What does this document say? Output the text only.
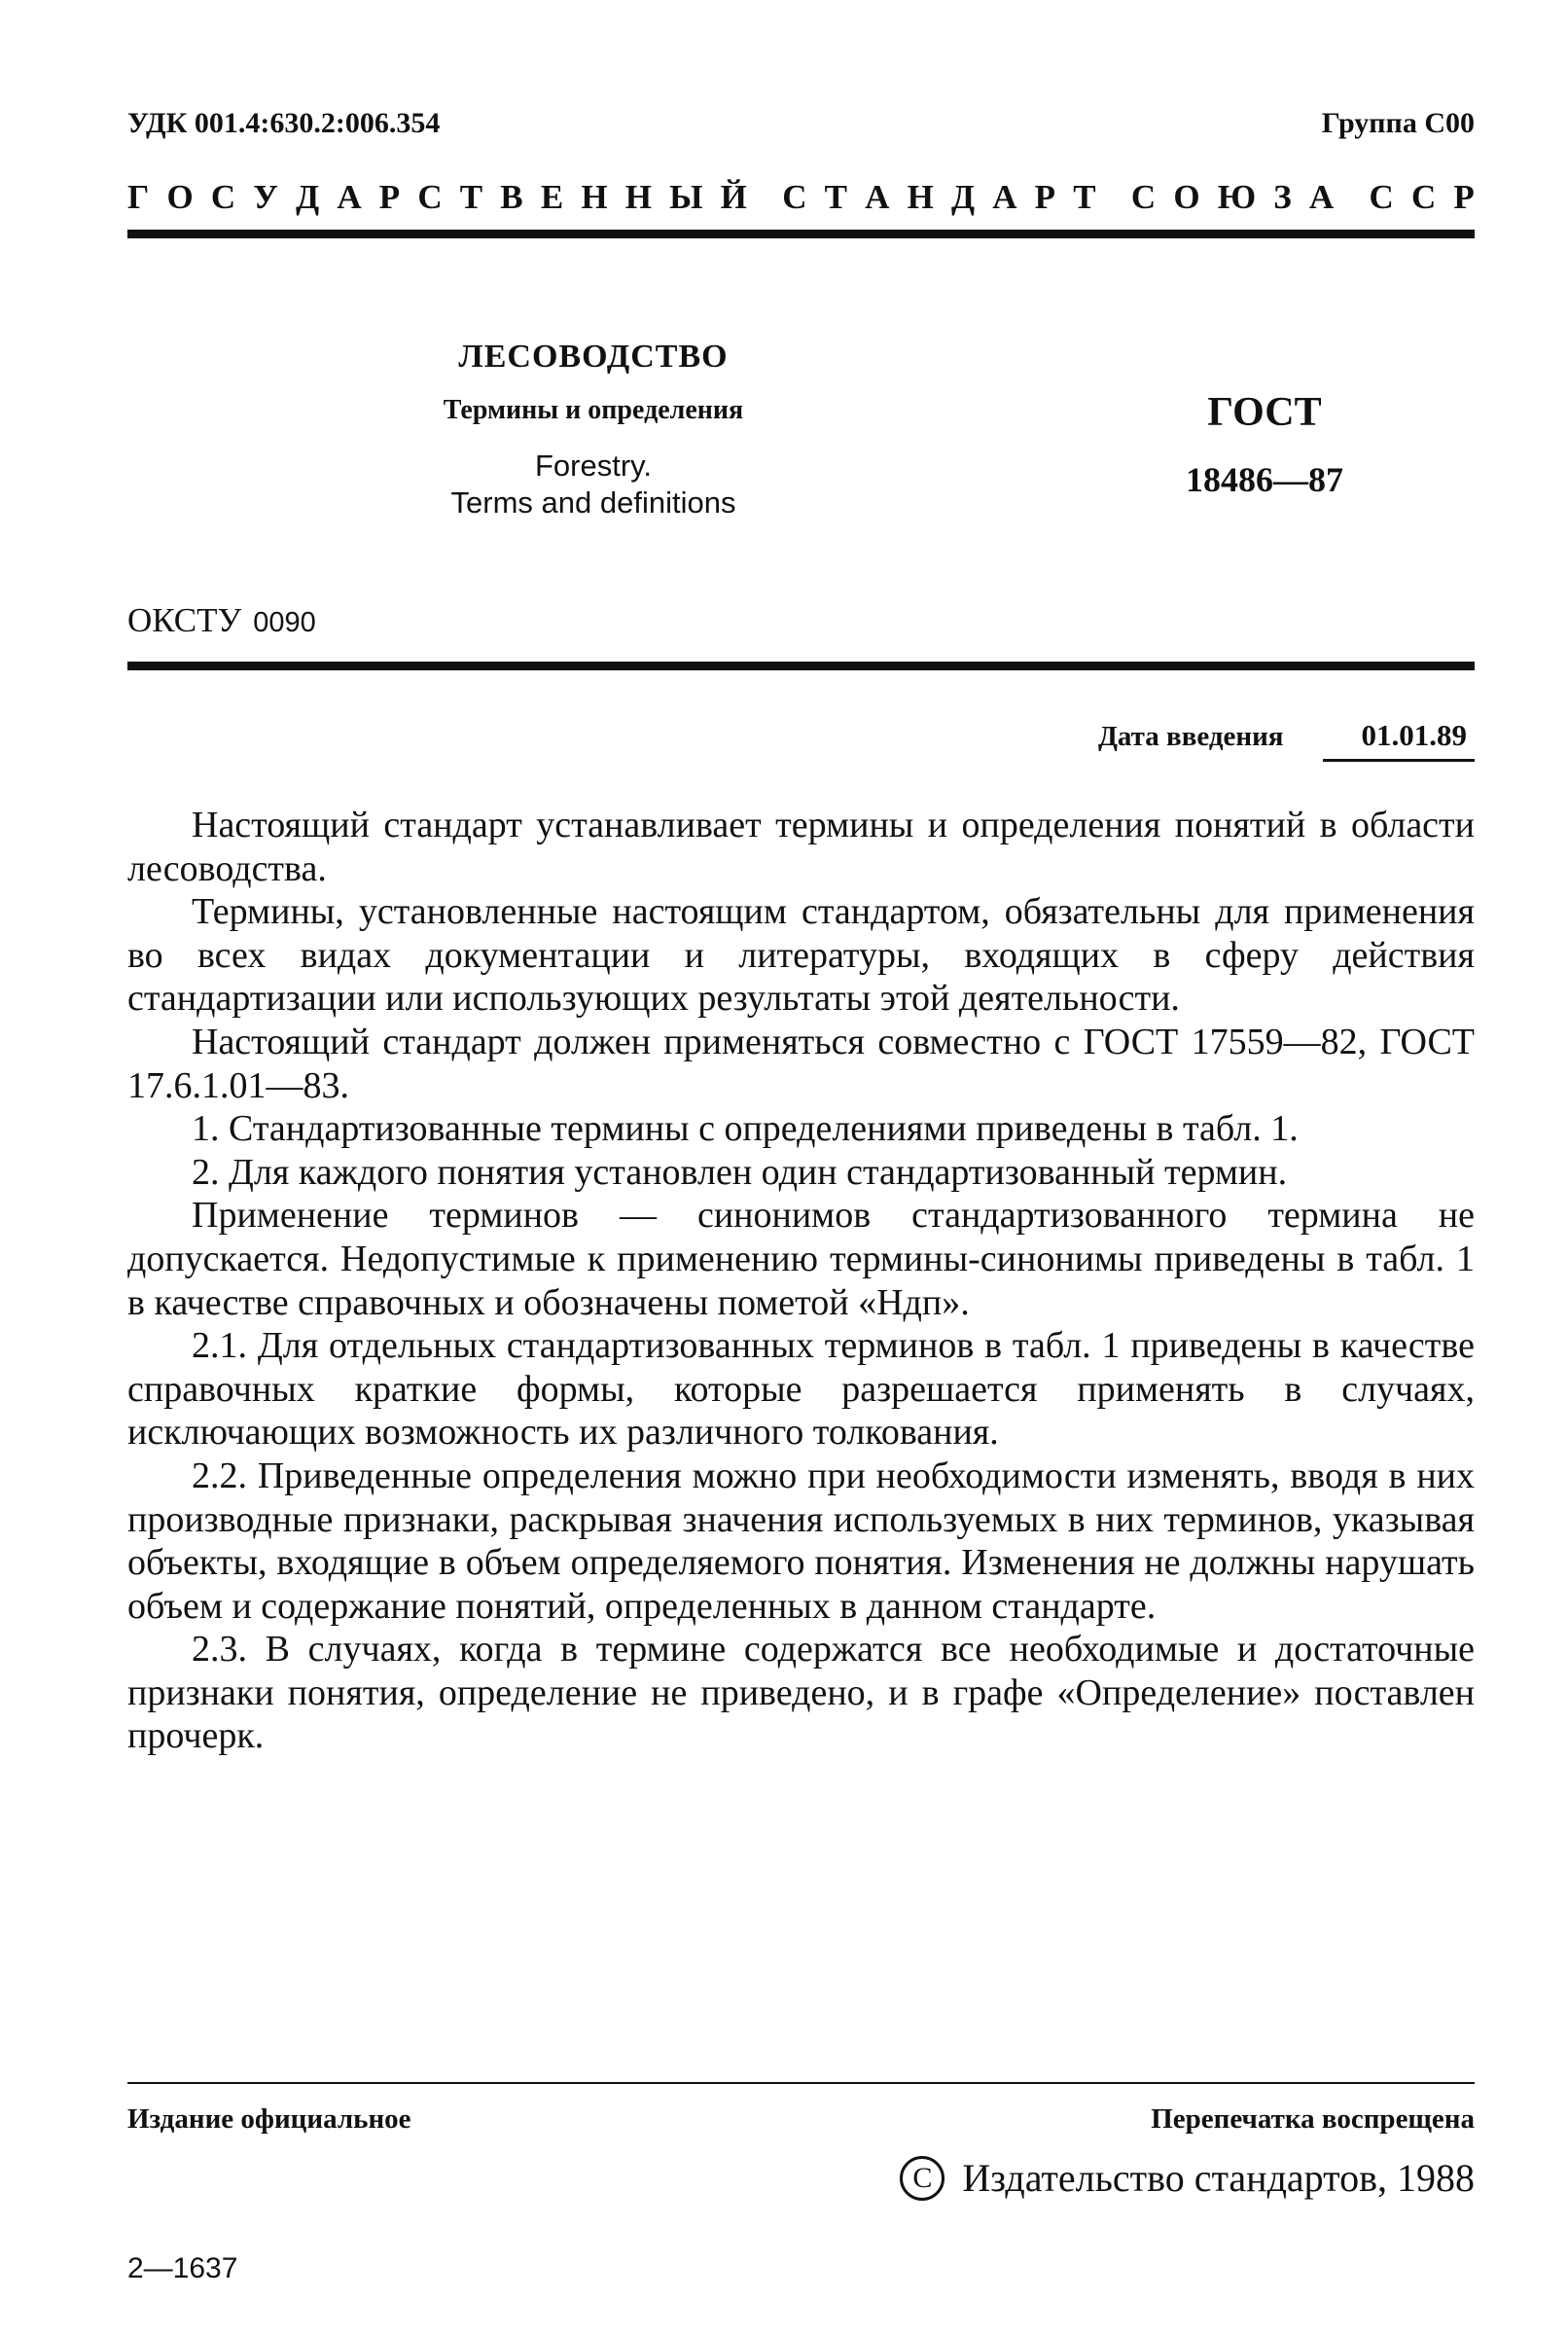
УДК 001.4:630.2:006.354	Группа С00
Г О С У Д А Р С Т В Е Н Н Ы Й С Т А Н Д А Р Т С О Ю З А С С Р
ЛЕСОВОДСТВО
Термины и определения
Forestry.
Terms and definitions
ГОСТ
18486—87
ОКСТУ 0090
Дата введения	01.01.89

Настоящий стандарт устанавливает термины и определения понятий в области лесоводства.

Термины, установленные настоящим стандартом, обязательны для применения во всех видах документации и литературы, входящих в сферу действия стандартизации или использующих результаты этой деятельности.

Настоящий стандарт должен применяться совместно с ГОСТ 17559—82, ГОСТ 17.6.1.01—83.

1. Стандартизованные термины с определениями приведены в табл. 1.

2. Для каждого понятия установлен один стандартизованный термин.

Применение терминов — синонимов стандартизованного термина не допускается. Недопустимые к применению термины-синонимы приведены в табл. 1 в качестве справочных и обозначены пометой «Ндп».

2.1. Для отдельных стандартизованных терминов в табл. 1 приведены в качестве справочных краткие формы, которые разрешается применять в случаях, исключающих возможность их различного толкования.

2.2. Приведенные определения можно при необходимости изменять, вводя в них производные признаки, раскрывая значения используемых в них терминов, указывая объекты, входящие в объем определяемого понятия. Изменения не должны нарушать объем и содержание понятий, определенных в данном стандарте.

2.3. В случаях, когда в термине содержатся все необходимые и достаточные признаки понятия, определение не приведено, и в графе «Определение» поставлен прочерк.

Издание официальное	Перепечатка воспрещена
C Издательство стандартов, 1988
2—1637
